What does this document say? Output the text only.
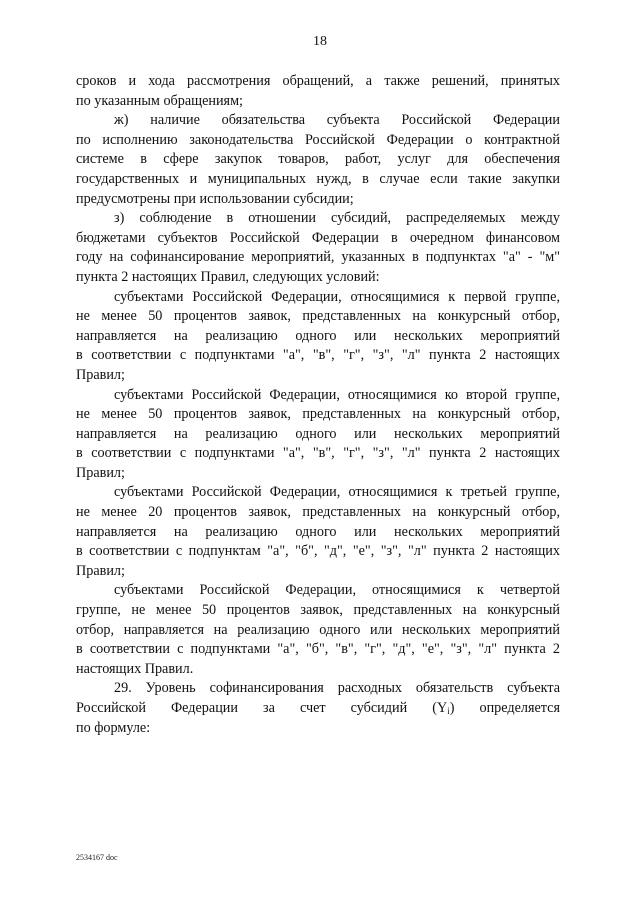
18
сроков и хода рассмотрения обращений, а также решений, принятых
по указанным обращениям;
ж) наличие обязательства субъекта Российской Федерации
по исполнению законодательства Российской Федерации о контрактной
системе в сфере закупок товаров, работ, услуг для обеспечения
государственных и муниципальных нужд, в случае если такие закупки
предусмотрены при использовании субсидии;
з) соблюдение в отношении субсидий, распределяемых между
бюджетами субъектов Российской Федерации в очередном финансовом
году на софинансирование мероприятий, указанных в подпунктах "а" - "м"
пункта 2 настоящих Правил, следующих условий:
субъектами Российской Федерации, относящимися к первой группе,
не менее 50 процентов заявок, представленных на конкурсный отбор,
направляется на реализацию одного или нескольких мероприятий
в соответствии с подпунктами "а", "в", "г", "з", "л" пункта 2 настоящих
Правил;
субъектами Российской Федерации, относящимися ко второй группе,
не менее 50 процентов заявок, представленных на конкурсный отбор,
направляется на реализацию одного или нескольких мероприятий
в соответствии с подпунктами "а", "в", "г", "з", "л" пункта 2 настоящих
Правил;
субъектами Российской Федерации, относящимися к третьей группе,
не менее 20 процентов заявок, представленных на конкурсный отбор,
направляется на реализацию одного или нескольких мероприятий
в соответствии с подпунктам "а", "б", "д", "е", "з", "л" пункта 2 настоящих
Правил;
субъектами Российской Федерации, относящимися к четвертой
группе, не менее 50 процентов заявок, представленных на конкурсный
отбор, направляется на реализацию одного или нескольких мероприятий
в соответствии с подпунктами "а", "б", "в", "г", "д", "е", "з", "л" пункта 2
настоящих Правил.
29. Уровень софинансирования расходных обязательств субъекта
Российской Федерации за счет субсидий $(Y_i)$ определяется
по формуле:
2534167 doc
